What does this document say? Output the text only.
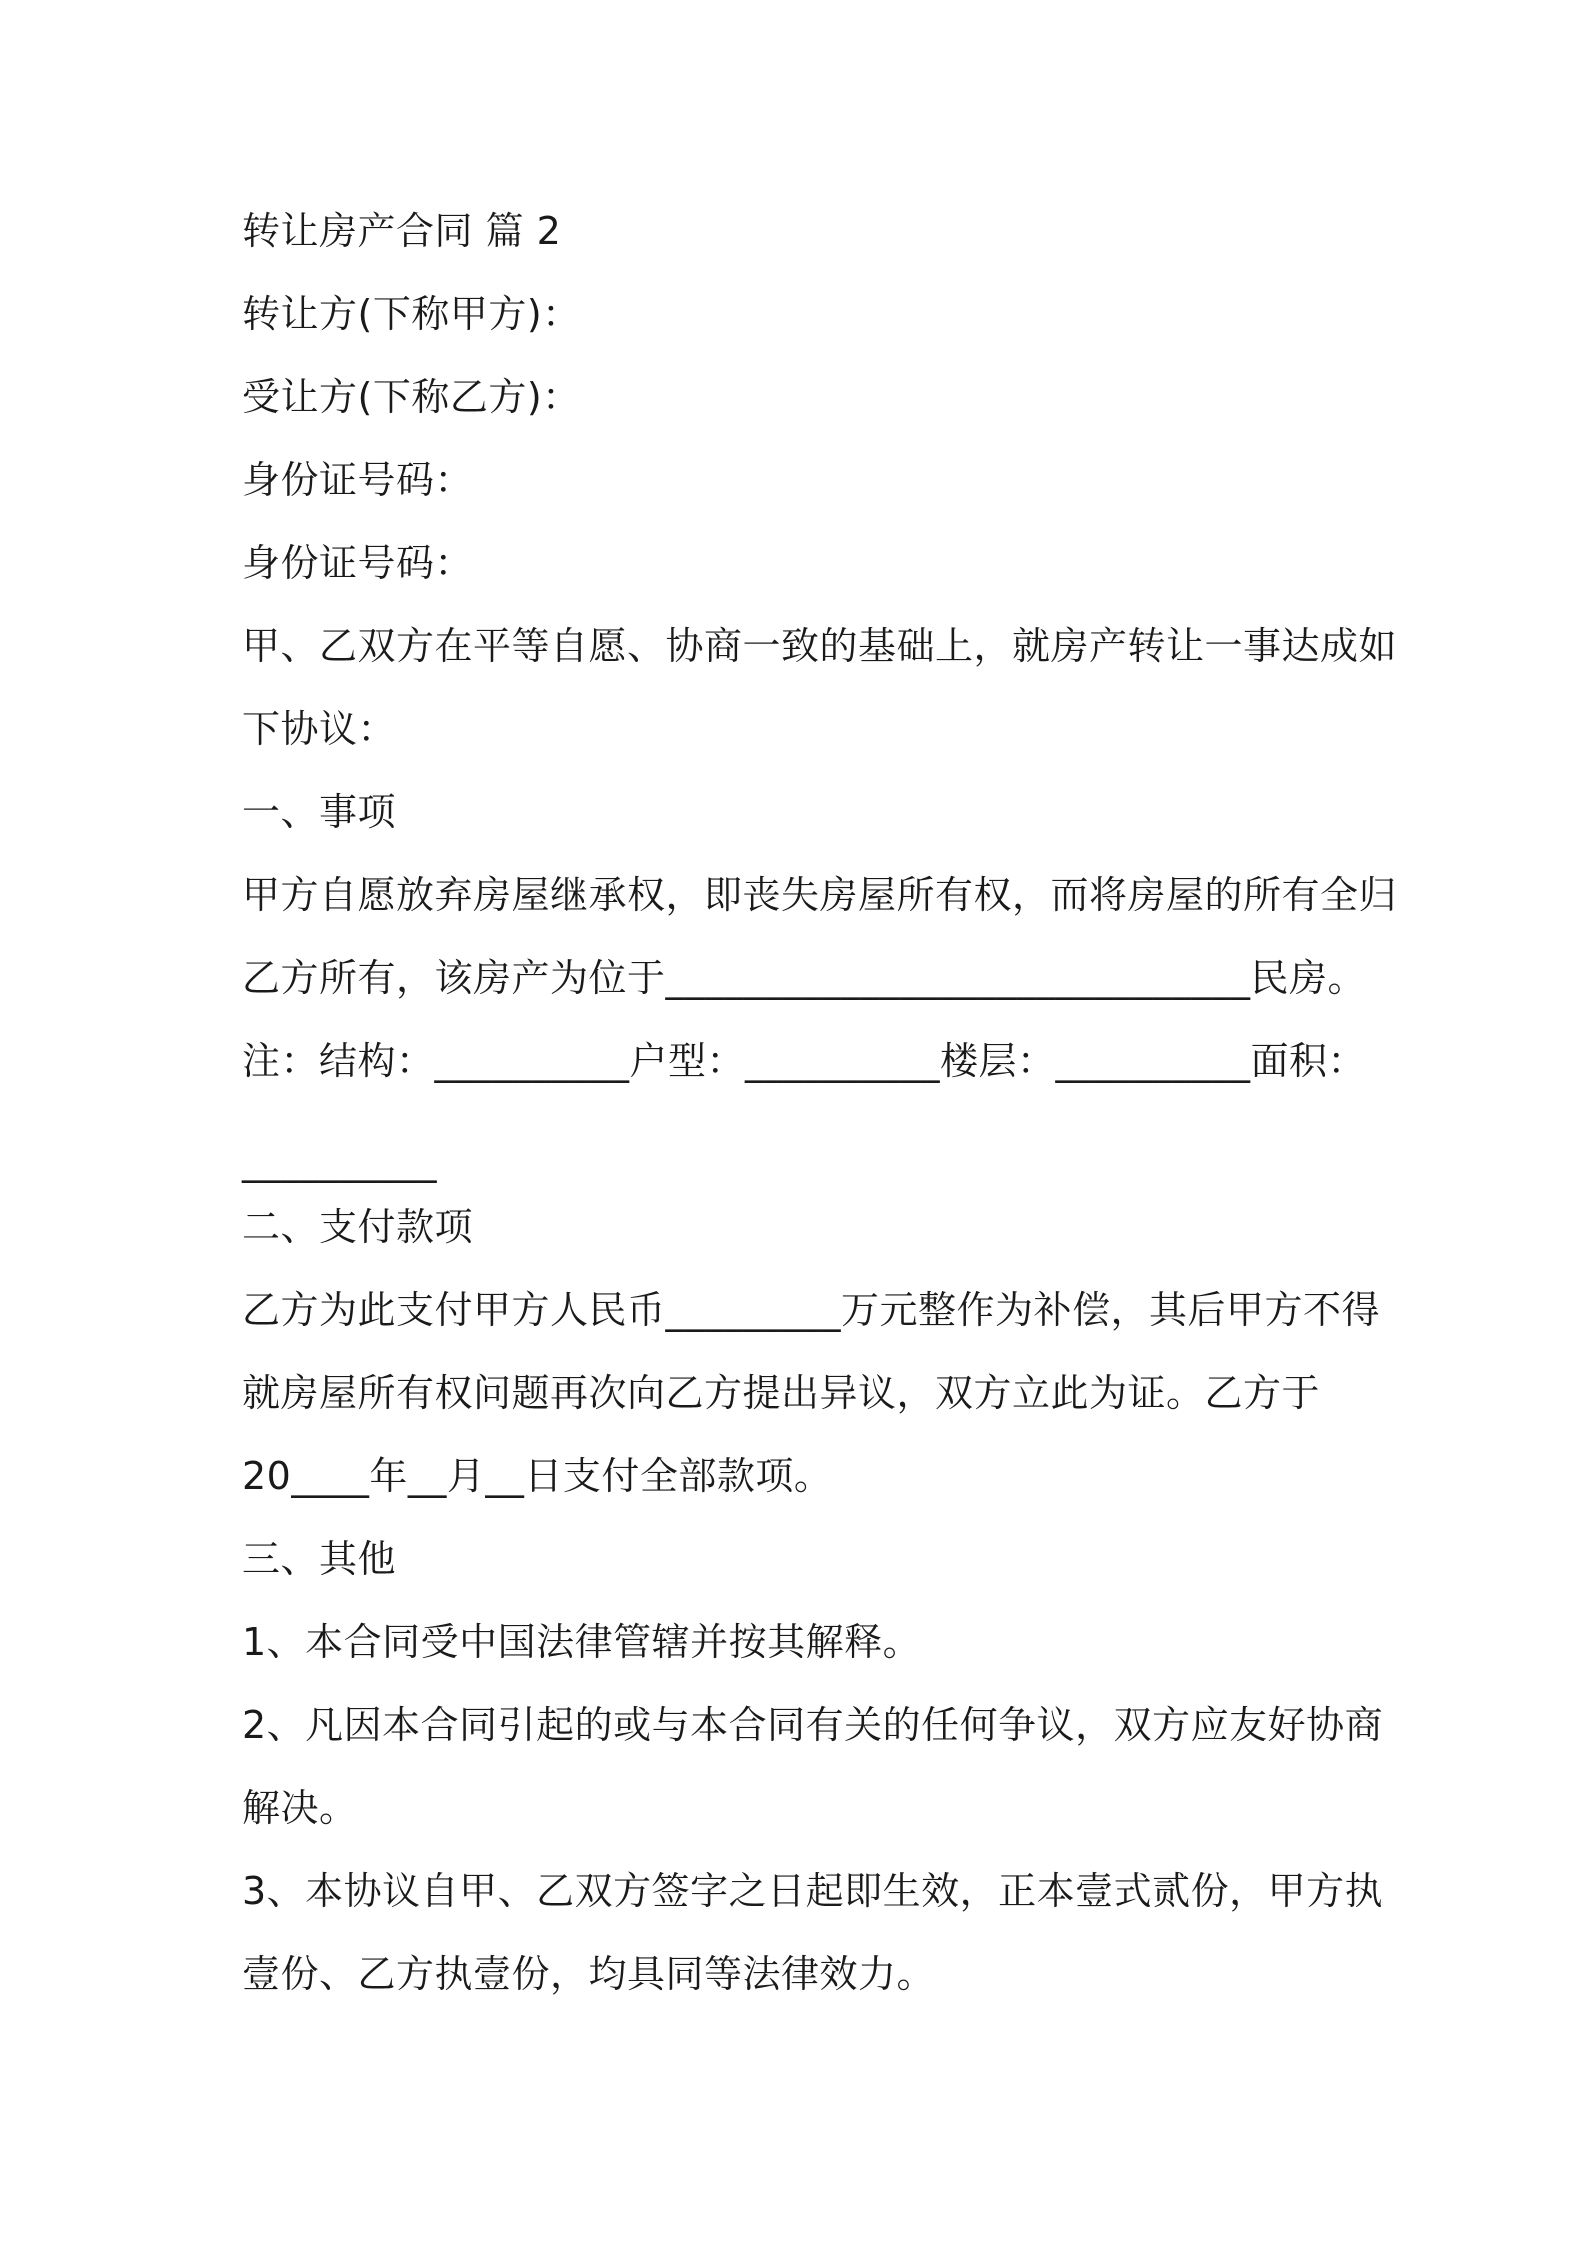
转让房产合同 篇 2
转让方(下称甲方)：
受让方(下称乙方)：
身份证号码：
身份证号码：
甲、乙双方在平等自愿、协商一致的基础上，就房产转让一事达成如
下协议：
一、事项
甲方自愿放弃房屋继承权，即丧失房屋所有权，而将房屋的所有全归
乙方所有，该房产为位于______________________________民房。
注：结构：__________户型：__________楼层：__________面积：
__________
二、支付款项
乙方为此支付甲方人民币_________万元整作为补偿，其后甲方不得
就房屋所有权问题再次向乙方提出异议，双方立此为证。乙方于
20____年__月__日支付全部款项。
三、其他
1、本合同受中国法律管辖并按其解释。
2、凡因本合同引起的或与本合同有关的任何争议，双方应友好协商
解决。
3、本协议自甲、乙双方签字之日起即生效，正本壹式贰份，甲方执
壹份、乙方执壹份，均具同等法律效力。
